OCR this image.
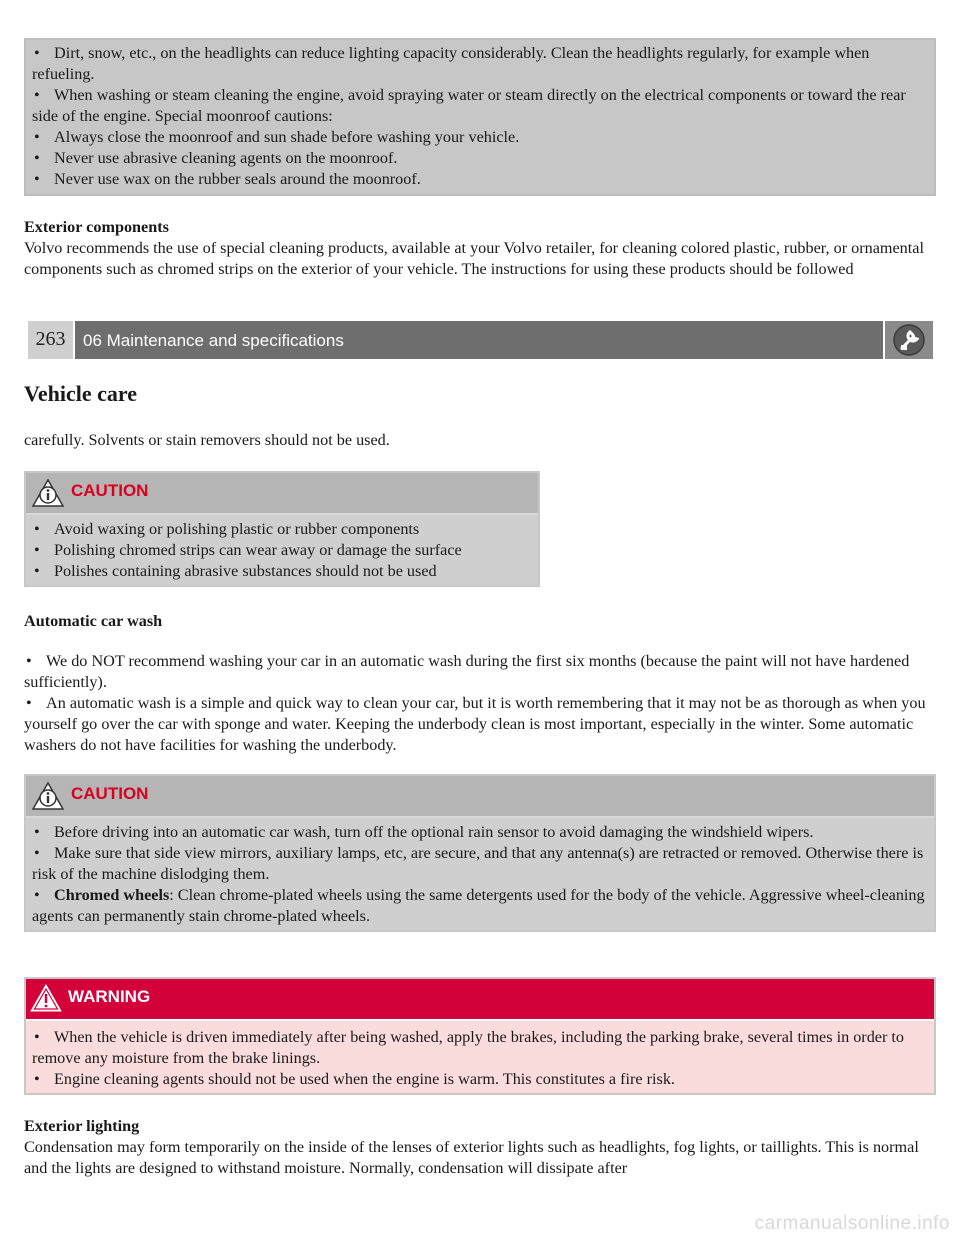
• Dirt, snow, etc., on the headlights can reduce lighting capacity considerably. Clean the headlights regularly, for example when refueling.
• When washing or steam cleaning the engine, avoid spraying water or steam directly on the electrical components or toward the rear side of the engine. Special moonroof cautions:
• Always close the moonroof and sun shade before washing your vehicle.
• Never use abrasive cleaning agents on the moonroof.
• Never use wax on the rubber seals around the moonroof.
Exterior components

Volvo recommends the use of special cleaning products, available at your Volvo retailer, for cleaning colored plastic, rubber, or ornamental components such as chromed strips on the exterior of your vehicle. The instructions for using these products should be followed

263	06 Maintenance and specifications
Vehicle care

carefully. Solvents or stain removers should not be used.

CAUTION
• Avoid waxing or polishing plastic or rubber components
• Polishing chromed strips can wear away or damage the surface
• Polishes containing abrasive substances should not be used
Automatic car wash
• We do NOT recommend washing your car in an automatic wash during the first six months (because the paint will not have hardened sufficiently).
• An automatic wash is a simple and quick way to clean your car, but it is worth remembering that it may not be as thorough as when you yourself go over the car with sponge and water. Keeping the underbody clean is most important, especially in the winter. Some automatic washers do not have facilities for washing the underbody.
CAUTION
• Before driving into an automatic car wash, turn off the optional rain sensor to avoid damaging the windshield wipers.
• Make sure that side view mirrors, auxiliary lamps, etc, are secure, and that any antenna(s) are retracted or removed. Otherwise there is risk of the machine dislodging them.
• Chromed wheels: Clean chrome-plated wheels using the same detergents used for the body of the vehicle. Aggressive wheel-cleaning agents can permanently stain chrome-plated wheels.
WARNING
• When the vehicle is driven immediately after being washed, apply the brakes, including the parking brake, several times in order to remove any moisture from the brake linings.
• Engine cleaning agents should not be used when the engine is warm. This constitutes a fire risk.
Exterior lighting

Condensation may form temporarily on the inside of the lenses of exterior lights such as headlights, fog lights, or taillights. This is normal and the lights are designed to withstand moisture. Normally, condensation will dissipate after

carmanualsonline.info
